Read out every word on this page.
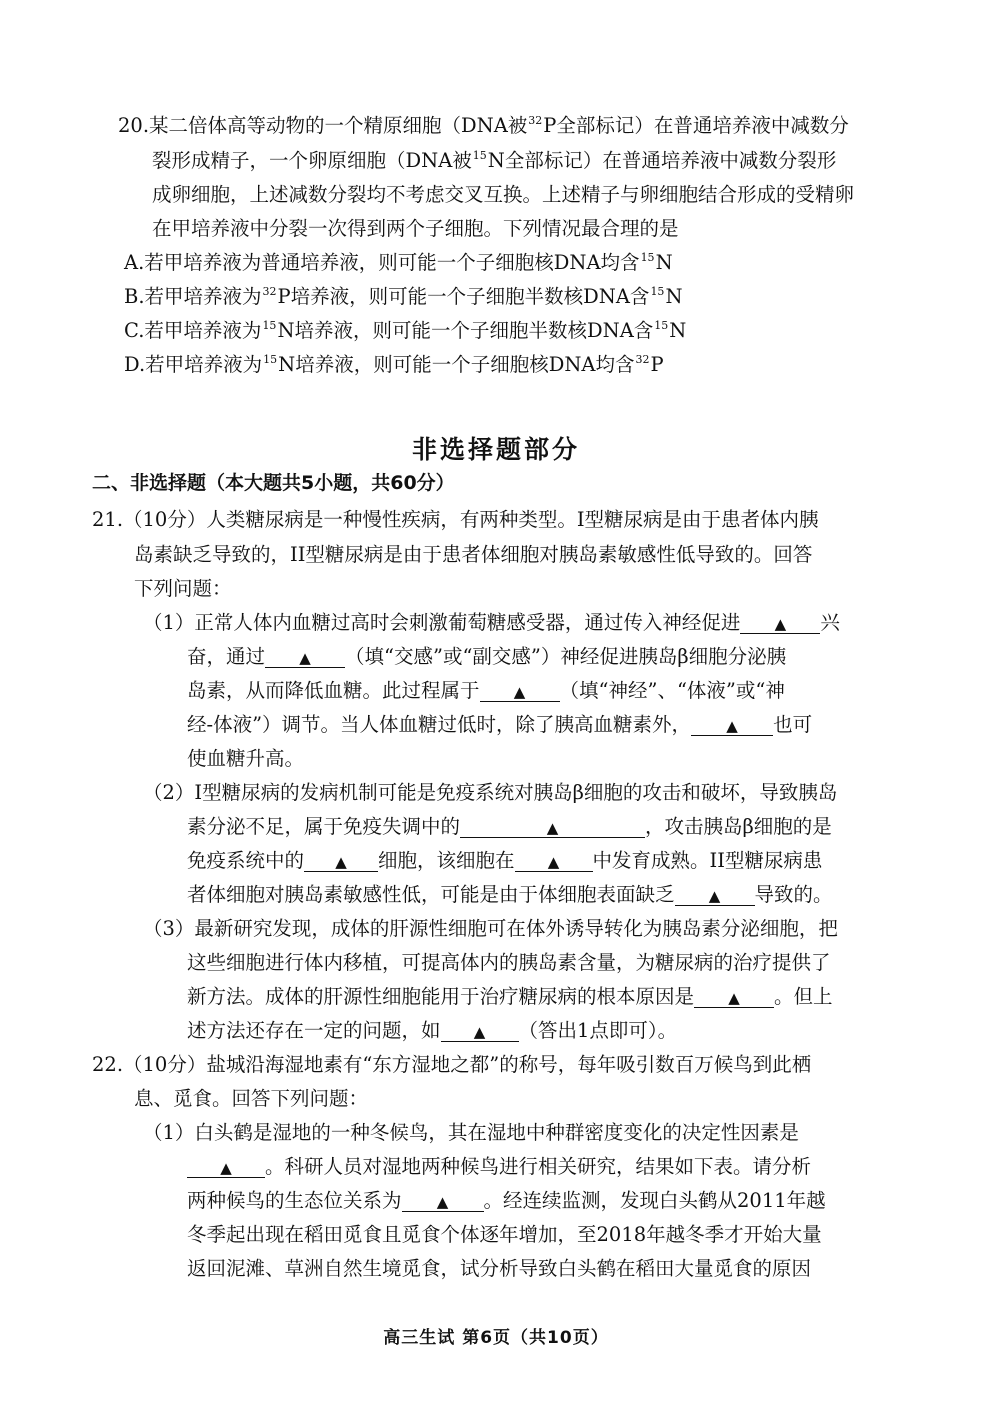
20.某二倍体高等动物的一个精原细胞（DNA被$^{32}$P全部标记）在普通培养液中减数分
裂形成精子，一个卵原细胞（DNA被$^{15}$N全部标记）在普通培养液中减数分裂形
成卵细胞，上述减数分裂均不考虑交叉互换。上述精子与卵细胞结合形成的受精卵
在甲培养液中分裂一次得到两个子细胞。下列情况最合理的是
A.若甲培养液为普通培养液，则可能一个子细胞核DNA均含$^{15}$N
B.若甲培养液为$^{32}$P培养液，则可能一个子细胞半数核DNA含$^{15}$N
C.若甲培养液为$^{15}$N培养液，则可能一个子细胞半数核DNA含$^{15}$N
D.若甲培养液为$^{15}$N培养液，则可能一个子细胞核DNA均含$^{32}$P
非选择题部分
二、非选择题（本大题共5小题，共60分）
21.（10分）人类糖尿病是一种慢性疾病，有两种类型。I型糖尿病是由于患者体内胰
岛素缺乏导致的，II型糖尿病是由于患者体细胞对胰岛素敏感性低导致的。回答
下列问题：
（1）正常人体内血糖过高时会刺激葡萄糖感受器，通过传入神经促进 ▲ 兴
奋，通过 ▲ （填“交感”或“副交感”）神经促进胰岛β细胞分泌胰
岛素，从而降低血糖。此过程属于 ▲ （填“神经”、“体液”或“神
经-体液”）调节。当人体血糖过低时，除了胰高血糖素外， ▲ 也可
使血糖升高。
（2）I型糖尿病的发病机制可能是免疫系统对胰岛β细胞的攻击和破坏，导致胰岛
素分泌不足，属于免疫失调中的	▲	，攻击胰岛β细胞的是
免疫系统中的 ▲ 细胞，该细胞在 ▲ 中发育成熟。II型糖尿病患
者体细胞对胰岛素敏感性低，可能是由于体细胞表面缺乏 ▲ 导致的。
（3）最新研究发现，成体的肝源性细胞可在体外诱导转化为胰岛素分泌细胞，把
这些细胞进行体内移植，可提高体内的胰岛素含量，为糖尿病的治疗提供了
新方法。成体的肝源性细胞能用于治疗糖尿病的根本原因是 ▲ 。但上
述方法还存在一定的问题，如 ▲ （答出1点即可）。
22.（10分）盐城沿海湿地素有“东方湿地之都”的称号，每年吸引数百万候鸟到此栖
息、觅食。回答下列问题：
（1）白头鹤是湿地的一种冬候鸟，其在湿地中种群密度变化的决定性因素是
▲ 。科研人员对湿地两种候鸟进行相关研究，结果如下表。请分析
两种候鸟的生态位关系为 ▲ 。经连续监测，发现白头鹤从2011年越
冬季起出现在稻田觅食且觅食个体逐年增加，至2018年越冬季才开始大量
返回泥滩、草洲自然生境觅食，试分析导致白头鹤在稻田大量觅食的原因
高三生试 第6页（共10页）
